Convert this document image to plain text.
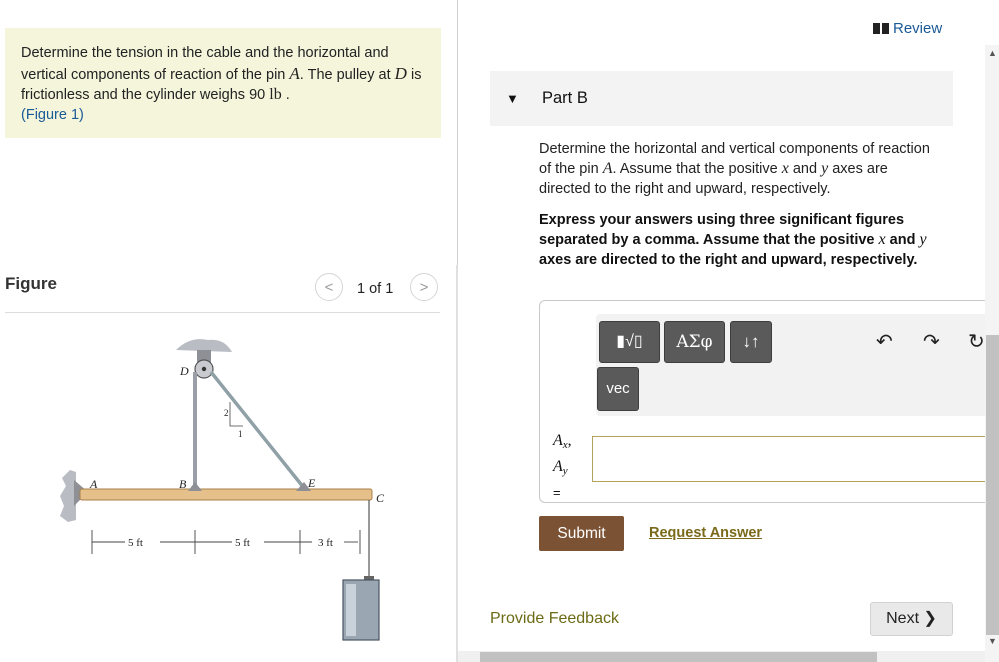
Determine the tension in the cable and the horizontal and vertical components of reaction of the pin A. The pulley at D is frictionless and the cylinder weighs 90 lb .
(Figure 1)
Figure	<	1 of 1	>
2
1
A	B
D
E
C
5 ft	5 ft	3 ft
Review
▼ Part B
Determine the horizontal and vertical components of reaction of the pin A. Assume that the positive x and y axes are directed to the right and upward, respectively.
Express your answers using three significant figures separated by a comma. Assume that the positive x and y axes are directed to the right and upward, respectively.
▮√▯	ΑΣφ	↓↑
vec
↶ ↷ ↻
$A_x$,
$A_y$
=
Submit	Request Answer
Provide Feedback	Next ❯
▲
▼
